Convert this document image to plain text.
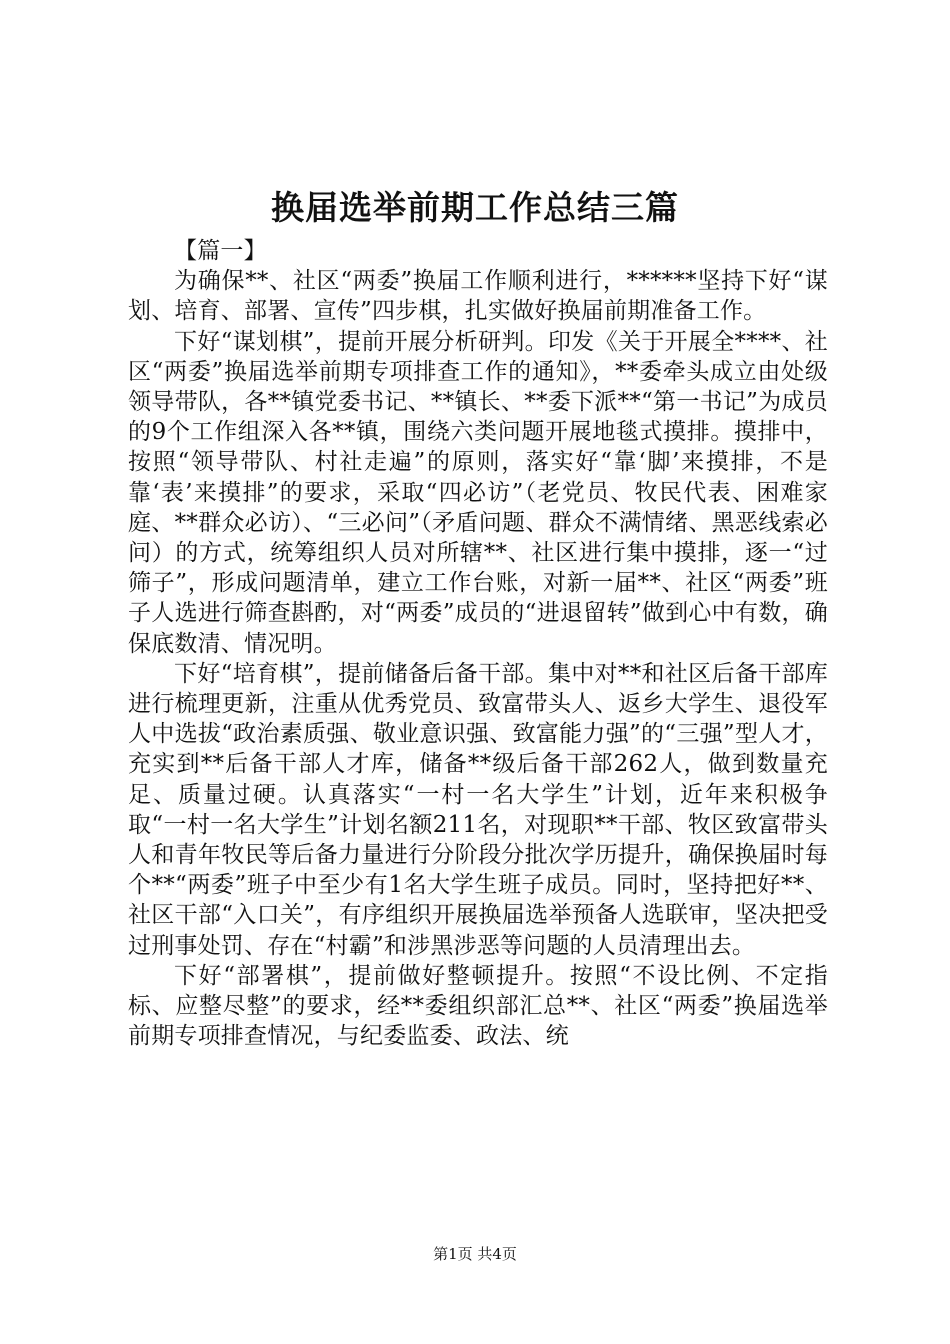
换届选举前期工作总结三篇

【篇一】

为确保**、社区“两委”换届工作顺利进行，******坚持下好“谋划、培育、部署、宣传”四步棋，扎实做好换届前期准备工作。

下好“谋划棋”，提前开展分析研判。印发《关于开展全****、社区“两委”换届选举前期专项排查工作的通知》，**委牵头成立由处级领导带队，各**镇党委书记、**镇长、**委下派**“第一书记”为成员的9个工作组深入各**镇，围绕六类问题开展地毯式摸排。摸排中，按照“领导带队、村社走遍”的原则，落实好“靠‘脚’来摸排，不是靠‘表’来摸排”的要求，采取“四必访”（老党员、牧民代表、困难家庭、**群众必访）、“三必问”（矛盾问题、群众不满情绪、黑恶线索必问）的方式，统筹组织人员对所辖**、社区进行集中摸排，逐一“过筛子”，形成问题清单，建立工作台账，对新一届**、社区“两委”班子人选进行筛查斟酌，对“两委”成员的“进退留转”做到心中有数，确保底数清、情况明。

下好“培育棋”，提前储备后备干部。集中对**和社区后备干部库进行梳理更新，注重从优秀党员、致富带头人、返乡大学生、退役军人中选拔“政治素质强、敬业意识强、致富能力强”的“三强”型人才，充实到**后备干部人才库，储备**级后备干部262人，做到数量充足、质量过硬。认真落实“一村一名大学生”计划，近年来积极争取“一村一名大学生”计划名额211名，对现职**干部、牧区致富带头人和青年牧民等后备力量进行分阶段分批次学历提升，确保换届时每个**“两委”班子中至少有1名大学生班子成员。同时，坚持把好**、社区干部“入口关”，有序组织开展换届选举预备人选联审，坚决把受过刑事处罚、存在“村霸”和涉黑涉恶等问题的人员清理出去。

下好“部署棋”，提前做好整顿提升。按照“不设比例、不定指标、应整尽整”的要求，经**委组织部汇总**、社区“两委”换届选举前期专项排查情况，与纪委监委、政法、统

第1页 共4页
